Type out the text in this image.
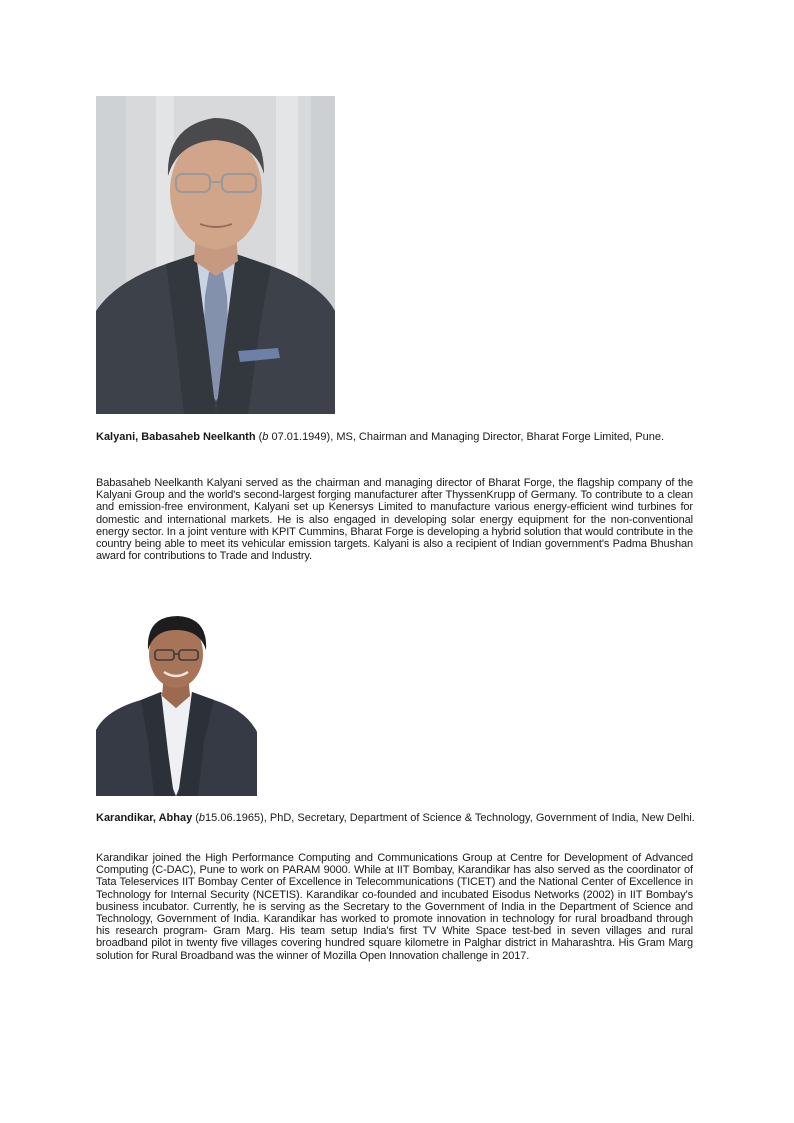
Kalyani, Babasaheb Neelkanth (b 07.01.1949), MS, Chairman and Managing Director, Bharat Forge Limited, Pune.

Babasaheb Neelkanth Kalyani served as the chairman and managing director of Bharat Forge, the flagship company of the Kalyani Group and the world's second-largest forging manufacturer after ThyssenKrupp of Germany. To contribute to a clean and emission-free environment, Kalyani set up Kenersys Limited to manufacture various energy-efficient wind turbines for domestic and international markets. He is also engaged in developing solar energy equipment for the non-conventional energy sector. In a joint venture with KPIT Cummins, Bharat Forge is developing a hybrid solution that would contribute in the country being able to meet its vehicular emission targets. Kalyani is also a recipient of Indian government's Padma Bhushan award for contributions to Trade and Industry.

Karandikar, Abhay (b15.06.1965), PhD, Secretary, Department of Science & Technology, Government of India, New Delhi.

Karandikar joined the High Performance Computing and Communications Group at Centre for Development of Advanced Computing (C-DAC), Pune to work on PARAM 9000. While at IIT Bombay, Karandikar has also served as the coordinator of Tata Teleservices IIT Bombay Center of Excellence in Telecommunications (TICET) and the National Center of Excellence in Technology for Internal Security (NCETIS). Karandikar co-founded and incubated Eisodus Networks (2002) in IIT Bombay's business incubator. Currently, he is serving as the Secretary to the Government of India in the Department of Science and Technology, Government of India. Karandikar has worked to promote innovation in technology for rural broadband through his research program- Gram Marg. His team setup India's first TV White Space test-bed in seven villages and rural broadband pilot in twenty five villages covering hundred square kilometre in Palghar district in Maharashtra. His Gram Marg solution for Rural Broadband was the winner of Mozilla Open Innovation challenge in 2017.
